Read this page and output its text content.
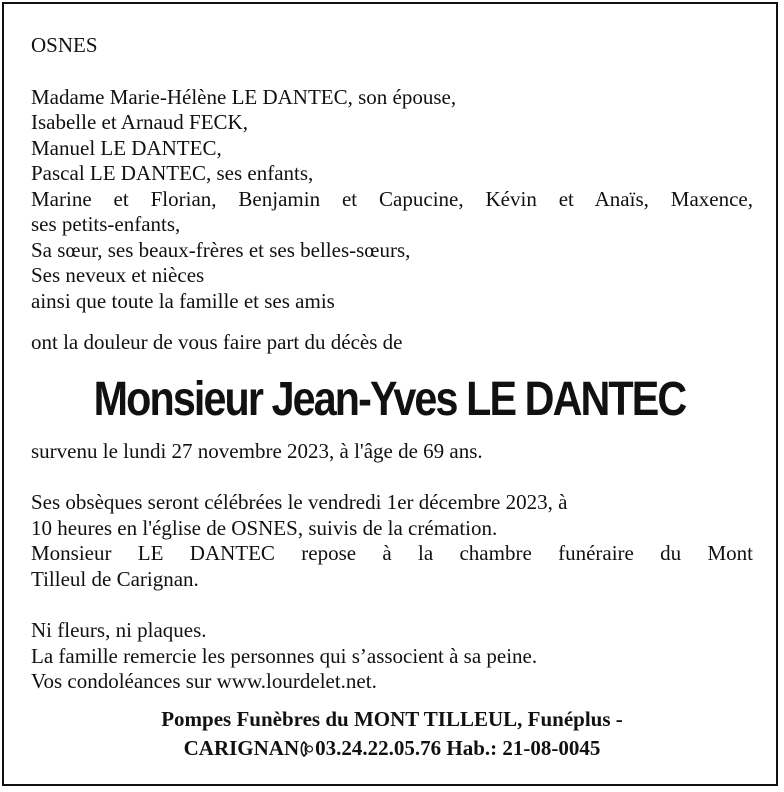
OSNES
Madame Marie-Hélène LE DANTEC, son épouse,
Isabelle et Arnaud FECK,
Manuel LE DANTEC,
Pascal LE DANTEC, ses enfants,
Marine et Florian, Benjamin et Capucine, Kévin et Anaïs, Maxence,
ses petits-enfants,
Sa sœur, ses beaux-frères et ses belles-sœurs,
Ses neveux et nièces
ainsi que toute la famille et ses amis
ont la douleur de vous faire part du décès de
Monsieur Jean-Yves LE DANTEC
survenu le lundi 27 novembre 2023, à l'âge de 69 ans.
Ses obsèques seront célébrées le vendredi 1er décembre 2023, à
10 heures en l'église de OSNES, suivis de la crémation.
Monsieur LE DANTEC repose à la chambre funéraire du Mont
Tilleul de Carignan.
Ni fleurs, ni plaques.
La famille remercie les personnes qui s’associent à sa peine.
Vos condoléances sur www.lourdelet.net.
Pompes Funèbres du MONT TILLEUL, Funéplus -
CARIGNAN 03.24.22.05.76 Hab.: 21-08-0045
